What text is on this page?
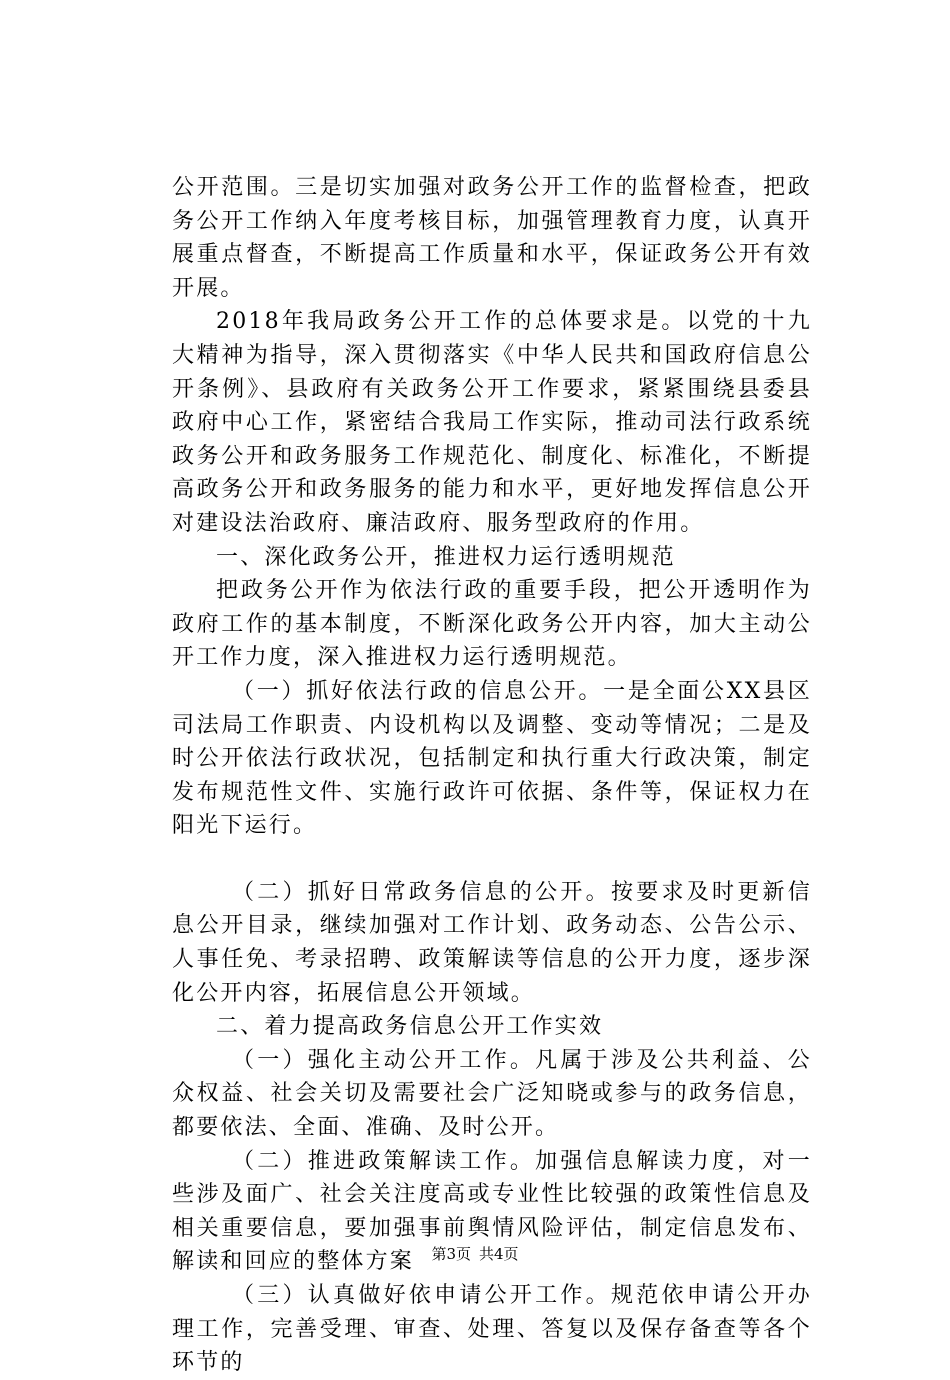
公开范围。三是切实加强对政务公开工作的监督检查，把政务公开工作纳入年度考核目标，加强管理教育力度，认真开展重点督查，不断提高工作质量和水平，保证政务公开有效开展。

2018年我局政务公开工作的总体要求是。以党的十九大精神为指导，深入贯彻落实《中华人民共和国政府信息公开条例》、县政府有关政务公开工作要求，紧紧围绕县委县政府中心工作，紧密结合我局工作实际，推动司法行政系统政务公开和政务服务工作规范化、制度化、标准化，不断提高政务公开和政务服务的能力和水平，更好地发挥信息公开对建设法治政府、廉洁政府、服务型政府的作用。

一、深化政务公开，推进权力运行透明规范

把政务公开作为依法行政的重要手段，把公开透明作为政府工作的基本制度，不断深化政务公开内容，加大主动公开工作力度，深入推进权力运行透明规范。

（一）抓好依法行政的信息公开。一是全面公XX县区司法局工作职责、内设机构以及调整、变动等情况；二是及时公开依法行政状况，包括制定和执行重大行政决策，制定发布规范性文件、实施行政许可依据、条件等，保证权力在阳光下运行。

（二）抓好日常政务信息的公开。按要求及时更新信息公开目录，继续加强对工作计划、政务动态、公告公示、人事任免、考录招聘、政策解读等信息的公开力度，逐步深化公开内容，拓展信息公开领域。

二、着力提高政务信息公开工作实效

（一）强化主动公开工作。凡属于涉及公共利益、公众权益、社会关切及需要社会广泛知晓或参与的政务信息，都要依法、全面、准确、及时公开。

（二）推进政策解读工作。加强信息解读力度，对一些涉及面广、社会关注度高或专业性比较强的政策性信息及相关重要信息，要加强事前舆情风险评估，制定信息发布、解读和回应的整体方案

（三）认真做好依申请公开工作。规范依申请公开办理工作，完善受理、审查、处理、答复以及保存备查等各个环节的

第3页 共4页
